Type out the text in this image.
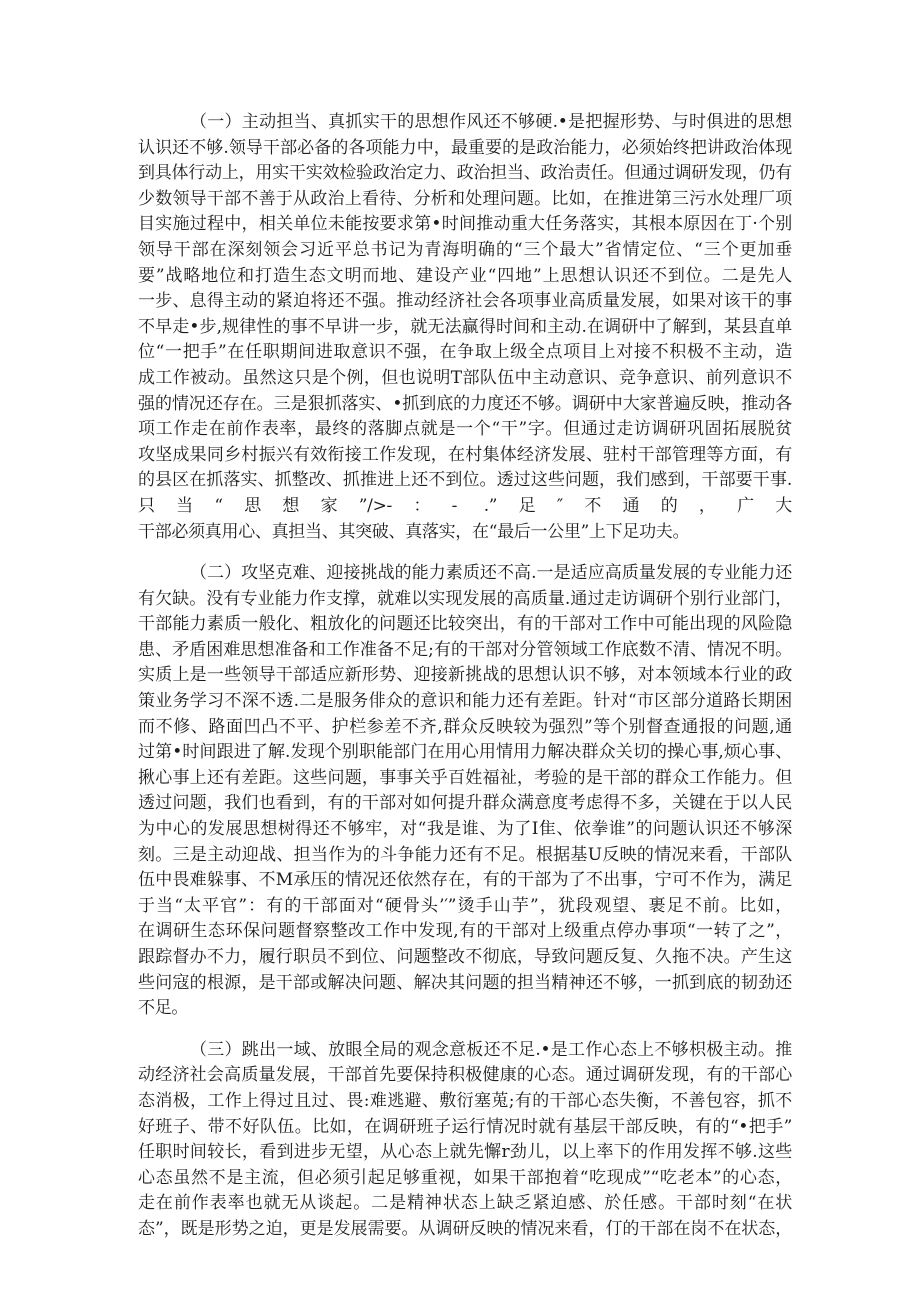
（一）主动担当、真抓实干的思想作风还不够硬.•是把握形势、与时俱进的思想
认识还不够.领导干部必备的各项能力中，最重要的是政治能力，必须始终把讲政治体现
到具体行动上，用实干实效检验政治定力、政治担当、政治责任。但通过调研发现，仍有
少数领导干部不善于从政治上看待、分析和处理问题。比如，在推进第三污水处理厂项
目实施过程中，相关单位未能按要求第•时间推动重大任务落实，其根本原因在丁·个别
领导干部在深刻领会习近平总书记为青海明确的“三个最大”省情定位、“三个更加垂
要”战略地位和打造生态文明而地、建设产业“四地”上思想认识还不到位。二是先人
一步、息得主动的紧迫将还不强。推动经济社会各项事业高质量发展，如果对该干的事
不早走•步,规律性的事不早讲一步，就无法赢得时间和主动.在调研中了解到，某县直单
位“一把手”在任职期间进取意识不强，在争取上级全点项目上对接不积极不主动，造
成工作被动。虽然这只是个例，但也说明T部队伍中主动意识、竞争意识、前列意识不
强的情况还存在。三是狠抓落实、•抓到底的力度还不够。调研中大家普遍反映，推动各
项工作走在前作表率，最终的落脚点就是一个“干”字。但通过走访调研巩固拓展脱贫
攻坚成果同乡村振兴有效衔接工作发现，在村集体经济发展、驻村干部管理等方面，有
的县区在抓落实、抓整改、抓推进上还不到位。透过这些问题，我们感到，干部要干事.
只当“思想家”/>-：- .”足″不通的，广大
干部必须真用心、真担当、其突破、真落实，在“最后一公里”上下足功夫。
（二）攻坚克难、迎接挑战的能力素质还不高.一是适应高质量发展的专业能力还
有欠缺。没有专业能力作支撑，就难以实现发展的高质量.通过走访调研个别行业部门，
干部能力素质一般化、粗放化的问题还比较突出，有的干部对工作中可能出现的风险隐
患、矛盾困难思想准备和工作准备不足;有的干部对分管领域工作底数不清、情况不明。
实质上是一些领导干部适应新形势、迎接新挑战的思想认识不够，对本领域本行业的政
策业务学习不深不透.二是服务俳众的意识和能力还有差距。针对“市区部分道路长期困
而不修、路面凹凸不平、护栏参差不齐,群众反映较为强烈”等个别督查通报的问题,通
过第•时间跟进了解.发现个别职能部门在用心用情用力解决群众关切的操心事,烦心事、
揪心事上还有差距。这些问题，事事关乎百姓福祉，考验的是干部的群众工作能力。但
透过问题，我们也看到，有的干部对如何提升群众满意度考虑得不多，关键在于以人民
为中心的发展思想树得还不够牢，对“我是谁、为了I隹、依拳谁”的问题认识还不够深
刻。三是主动迎战、担当作为的斗争能力还有不足。根据基U反映的情况来看，干部队
伍中畏难躲事、不M承压的情况还依然存在，有的干部为了不出事，宁可不作为，满足
于当“太平官”：有的干部面对“硬骨头’′”烫手山芋”，犹段观望、裹足不前。比如，
在调研生态环保问题督察整改工作中发现,有的干部对上级重点停办事项“一转了之”，
跟踪督办不力，履行职员不到位、问题整改不彻底，导致问题反复、久拖不决。产生这
些问寇的根源，是干部或解决问题、解决其问题的担当精神还不够，一抓到底的韧劲还
不足。
（三）跳出一域、放眼全局的观念意板还不足.•是工作心态上不够枳极主动。推
动经济社会高质量发展，干部首先要保持积极健康的心态。通过调研发现，有的干部心
态消极，工作上得过且过、畏:难逃避、敷衍塞莵;有的干部心态失衡，不善包容，抓不
好班子、带不好队伍。比如，在调研班子运行情况时就有基层干部反映，有的“•把手”
任职时间较长，看到进步无望，从心态上就先懈r劲儿，以上率下的作用发挥不够.这些
心态虽然不是主流，但必须引起足够重视，如果干部抱着“吃现成”“吃老本”的心态，
走在前作表率也就无从谈起。二是精神状态上缺乏紧迫感、於任感。干部时刻“在状
态”，既是形势之迫，更是发展需要。从调研反映的情况来看，仃的干部在岗不在状态，
